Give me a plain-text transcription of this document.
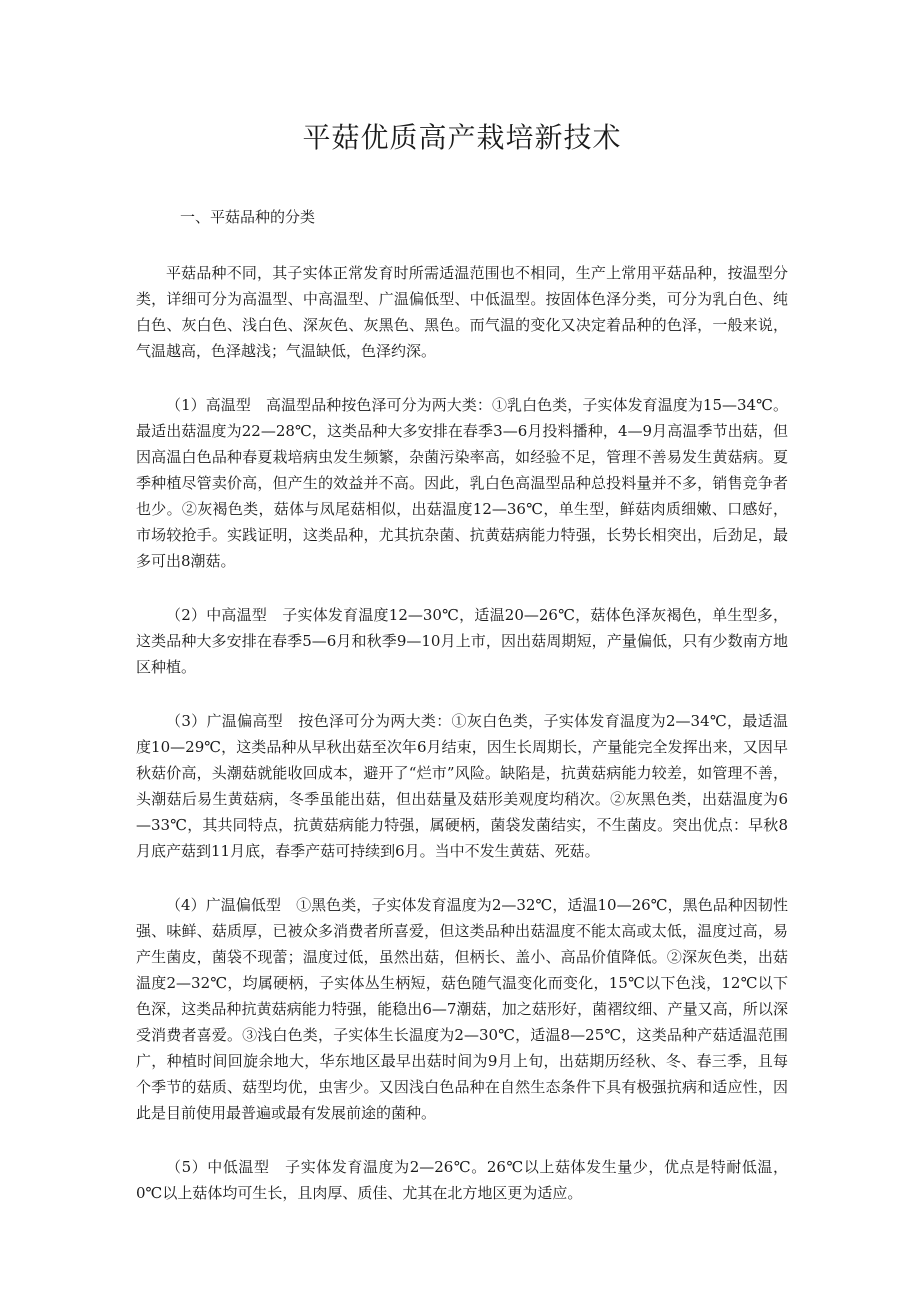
平菇优质高产栽培新技术
一、平菇品种的分类

平菇品种不同，其子实体正常发育时所需适温范围也不相同，生产上常用平菇品种，按温型分类，详细可分为高温型、中高温型、广温偏低型、中低温型。按固体色泽分类，可分为乳白色、纯白色、灰白色、浅白色、深灰色、灰黑色、黑色。而气温的变化又决定着品种的色泽，一般来说，气温越高，色泽越浅；气温缺低，色泽约深。

（1）高温型　高温型品种按色泽可分为两大类：①乳白色类，子实体发育温度为15—34℃。最适出菇温度为22—28℃，这类品种大多安排在春季3—6月投料播种，4—9月高温季节出菇，但因高温白色品种春夏栽培病虫发生频繁，杂菌污染率高，如经验不足，管理不善易发生黄菇病。夏季种植尽管卖价高，但产生的效益并不高。因此，乳白色高温型品种总投料量并不多，销售竞争者也少。②灰褐色类，菇体与凤尾菇相似，出菇温度12—36℃，单生型，鲜菇肉质细嫩、口感好，市场较抢手。实践证明，这类品种，尤其抗杂菌、抗黄菇病能力特强，长势长相突出，后劲足，最多可出8潮菇。

（2）中高温型　子实体发育温度12—30℃，适温20—26℃，菇体色泽灰褐色，单生型多，这类品种大多安排在春季5—6月和秋季9—10月上市，因出菇周期短，产量偏低，只有少数南方地区种植。

（3）广温偏高型　按色泽可分为两大类：①灰白色类，子实体发育温度为2—34℃，最适温度10—29℃，这类品种从早秋出菇至次年6月结束，因生长周期长，产量能完全发挥出来，又因早秋菇价高，头潮菇就能收回成本，避开了“烂市”风险。缺陷是，抗黄菇病能力较差，如管理不善，头潮菇后易生黄菇病，冬季虽能出菇，但出菇量及菇形美观度均稍次。②灰黑色类，出菇温度为6—33℃，其共同特点，抗黄菇病能力特强，属硬柄，菌袋发菌结实，不生菌皮。突出优点：早秋8月底产菇到11月底，春季产菇可持续到6月。当中不发生黄菇、死菇。

（4）广温偏低型　①黑色类，子实体发育温度为2—32℃，适温10—26℃，黑色品种因韧性强、味鲜、菇质厚，已被众多消费者所喜爱，但这类品种出菇温度不能太高或太低，温度过高，易产生菌皮，菌袋不现蕾；温度过低，虽然出菇，但柄长、盖小、高品价值降低。②深灰色类，出菇温度2—32℃，均属硬柄，子实体丛生柄短，菇色随气温变化而变化，15℃以下色浅，12℃以下色深，这类品种抗黄菇病能力特强，能稳出6—7潮菇，加之菇形好，菌褶纹细、产量又高，所以深受消费者喜爱。③浅白色类，子实体生长温度为2—30℃，适温8—25℃，这类品种产菇适温范围广，种植时间回旋余地大，华东地区最早出菇时间为9月上旬，出菇期历经秋、冬、春三季，且每个季节的菇质、菇型均优，虫害少。又因浅白色品种在自然生态条件下具有极强抗病和适应性，因此是目前使用最普遍或最有发展前途的菌种。

（5）中低温型　子实体发育温度为2—26℃。26℃以上菇体发生量少，优点是特耐低温，0℃以上菇体均可生长，且肉厚、质佳、尤其在北方地区更为适应。
